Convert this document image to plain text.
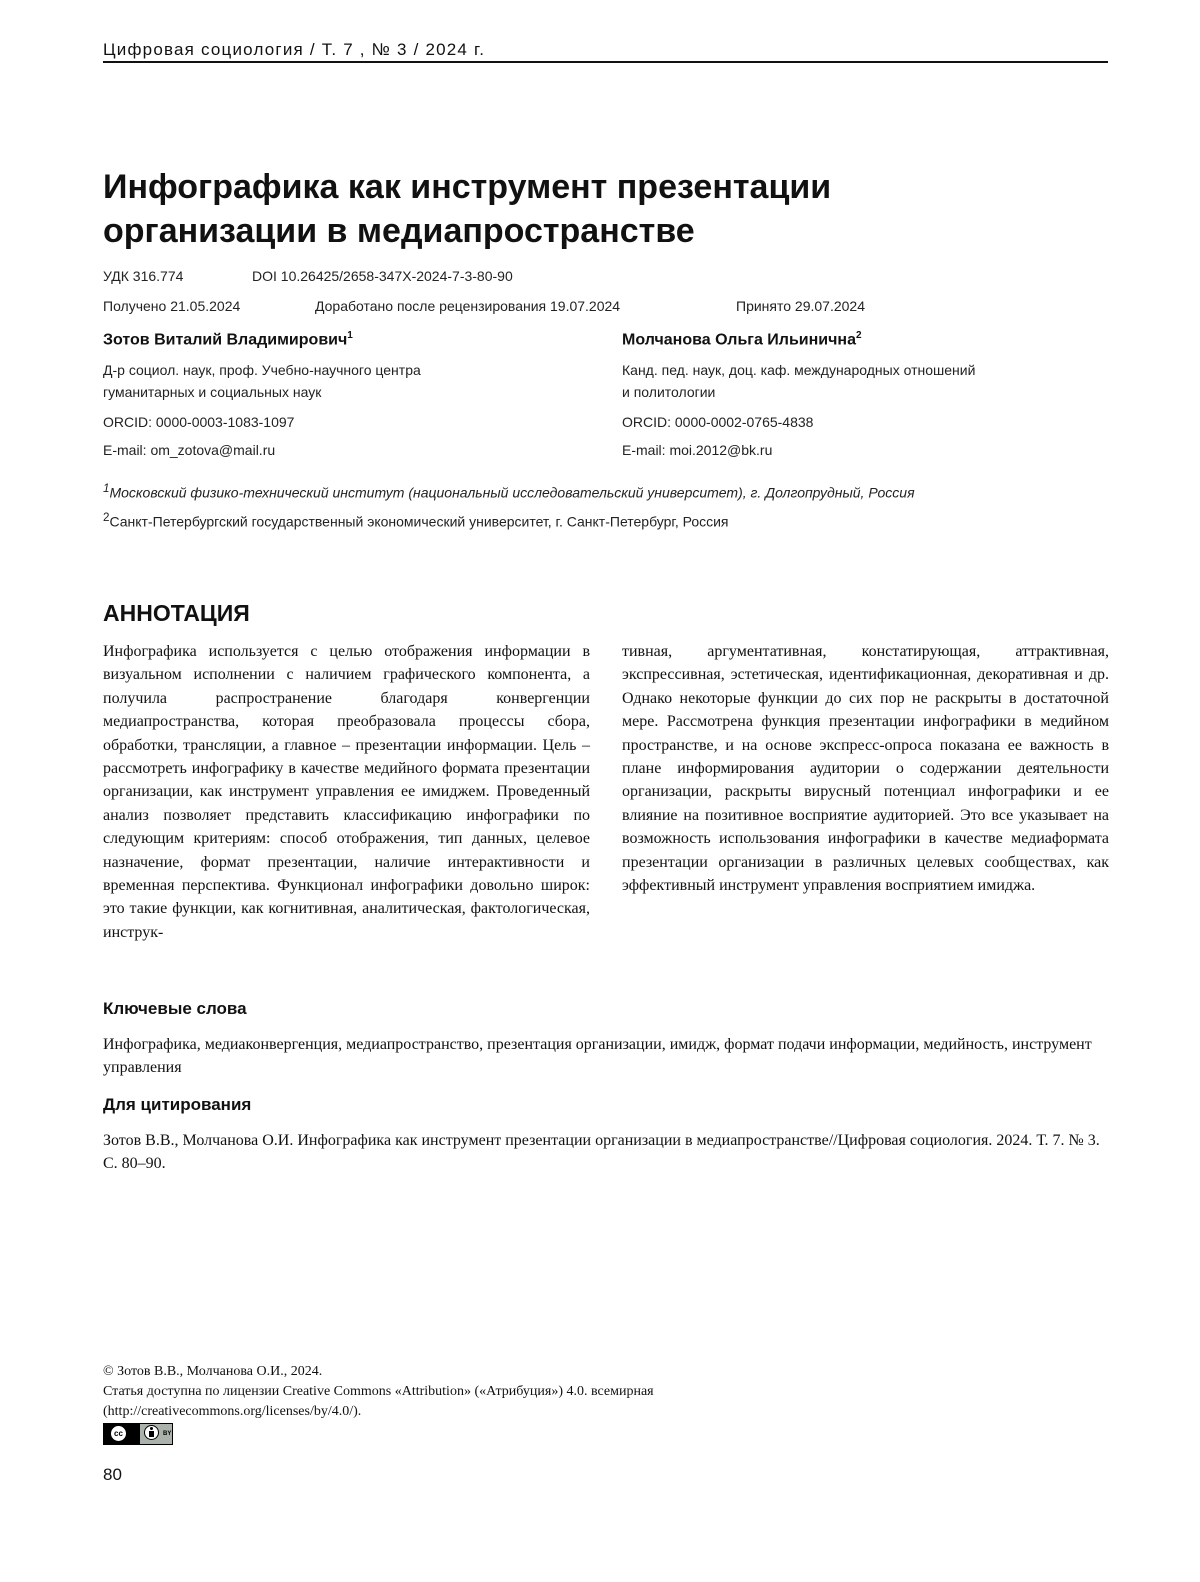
Цифровая социология / Т. 7 , № 3 / 2024 г.
Инфографика как инструмент презентации
организации в медиапространстве
УДК 316.774	DOI 10.26425/2658-347X-2024-7-3-80-90
Получено 21.05.2024	Доработано после рецензирования 19.07.2024	Принято 29.07.2024
Зотов Виталий Владимирович$^1$
Д-р социол. наук, проф. Учебно-научного центра
гуманитарных и социальных наук
ORCID: 0000-0003-1083-1097
E-mail: om_zotova@mail.ru
Молчанова Ольга Ильинична$^2$
Канд. пед. наук, доц. каф. международных отношений
и политологии
ORCID: 0000-0002-0765-4838
E-mail: moi.2012@bk.ru
$^1$Московский физико-технический институт (национальный исследовательский университет), г. Долгопрудный, Россия
$^2$Санкт-Петербургский государственный экономический университет, г. Санкт-Петербург, Россия
АННОТАЦИЯ

Инфографика используется с целью отображения информации в визуальном исполнении с наличием графического компонента, а получила распространение благодаря конвергенции медиапространства, которая преобразовала процессы сбора, обработки, трансляции, а главное – презентации информации. Цель – рассмотреть инфографику в качестве медийного формата презентации организации, как инструмент управления ее имиджем. Проведенный анализ позволяет представить классификацию инфографики по следующим критериям: способ отображения, тип данных, целевое назначение, формат презентации, наличие интерактивности и временная перспектива. Функционал инфографики довольно широк: это такие функции, как когнитивная, аналитическая, фактологическая, инструк-

тивная, аргументативная, констатирующая, аттрактивная, экспрессивная, эстетическая, идентификационная, декоративная и др. Однако некоторые функции до сих пор не раскрыты в достаточной мере. Рассмотрена функция презентации инфографики в медийном пространстве, и на основе экспресс-опроса показана ее важность в плане информирования аудитории о содержании деятельности организации, раскрыты вирусный потенциал инфографики и ее влияние на позитивное восприятие аудиторией. Это все указывает на возможность использования инфографики в качестве медиаформата презентации организации в различных целевых сообществах, как эффективный инструмент управления восприятием имиджа.

Ключевые слова
Инфографика, медиаконвергенция, медиапространство, презентация организации, имидж, формат подачи информации, медийность, инструмент управления
Для цитирования
Зотов В.В., Молчанова О.И. Инфографика как инструмент презентации организации в медиапространстве//Цифровая социология. 2024. Т. 7. № 3. С. 80–90.
© Зотов В.В., Молчанова О.И., 2024.
Статья доступна по лицензии Creative Commons «Attribution» («Атрибуция») 4.0. всемирная
(http://creativecommons.org/licenses/by/4.0/).
cc	BY
80
